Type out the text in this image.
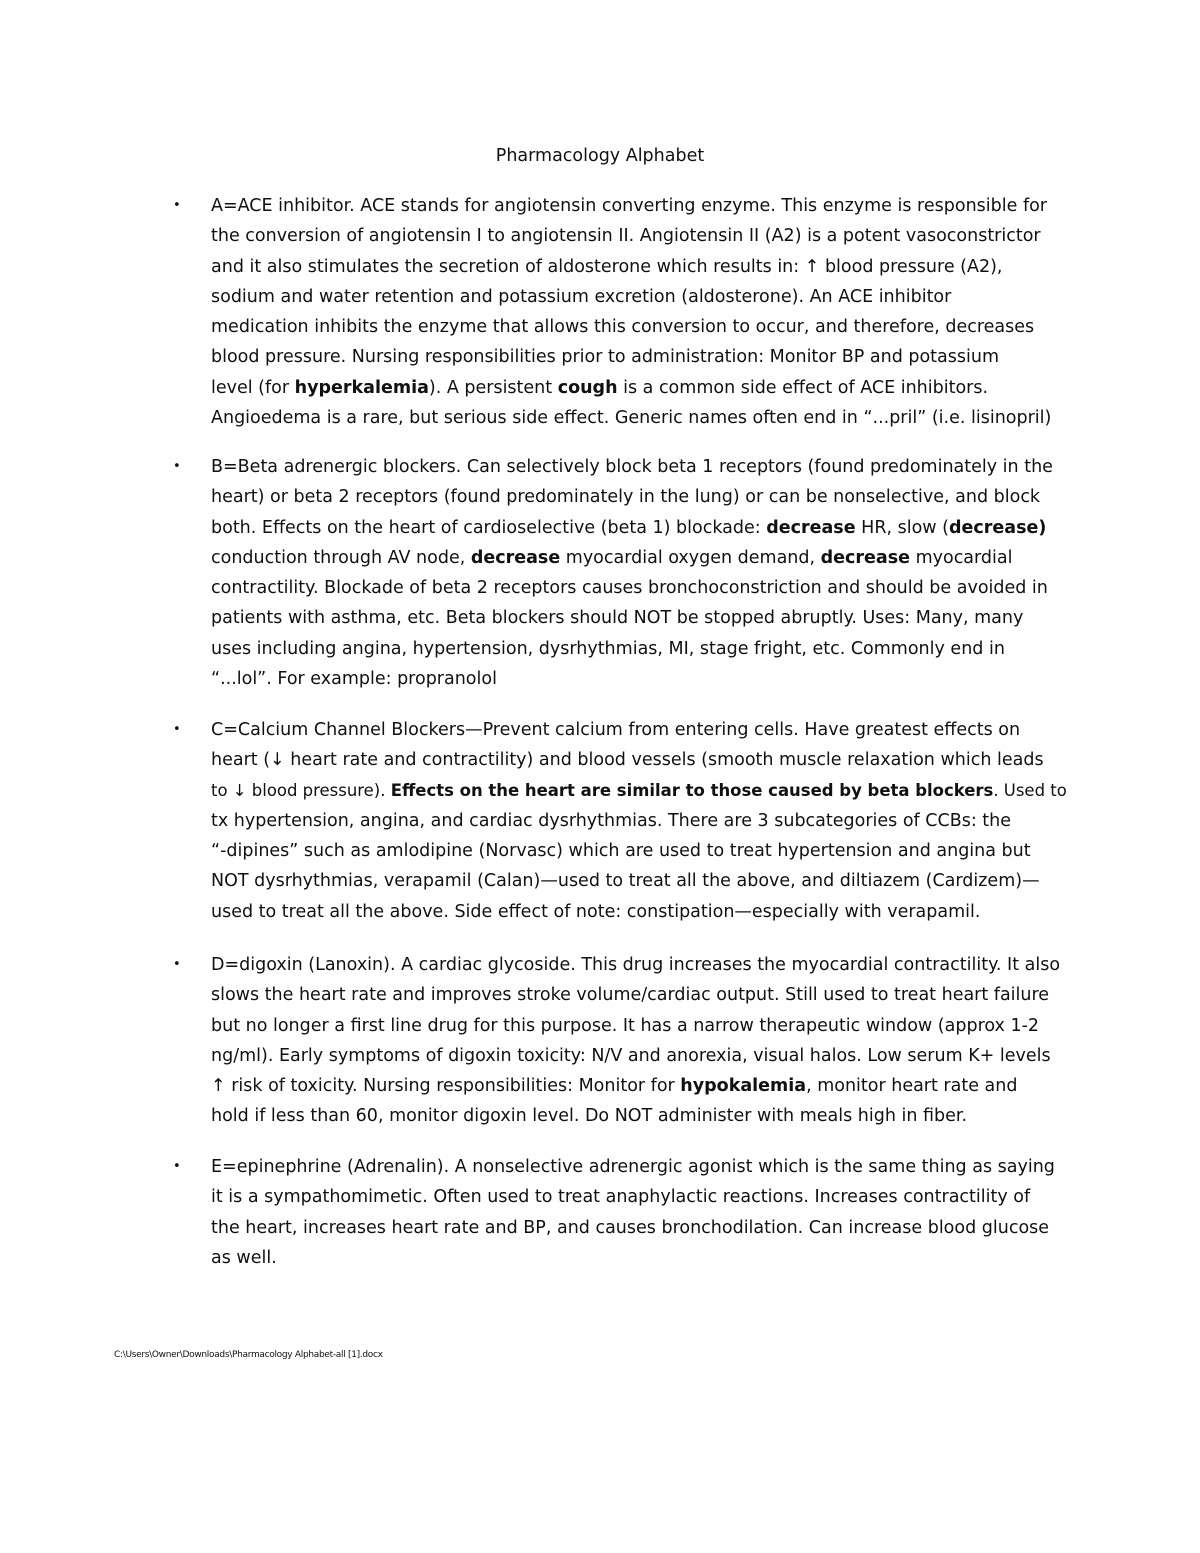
Pharmacology Alphabet
• A=ACE inhibitor. ACE stands for angiotensin converting enzyme. This enzyme is responsible for
the conversion of angiotensin I to angiotensin II. Angiotensin II (A2) is a potent vasoconstrictor
and it also stimulates the secretion of aldosterone which results in: ↑ blood pressure (A2),
sodium and water retention and potassium excretion (aldosterone). An ACE inhibitor
medication inhibits the enzyme that allows this conversion to occur, and therefore, decreases
blood pressure. Nursing responsibilities prior to administration: Monitor BP and potassium
level (for hyperkalemia). A persistent cough is a common side effect of ACE inhibitors.
Angioedema is a rare, but serious side effect. Generic names often end in “...pril” (i.e. lisinopril)
• B=Beta adrenergic blockers. Can selectively block beta 1 receptors (found predominately in the
heart) or beta 2 receptors (found predominately in the lung) or can be nonselective, and block
both. Effects on the heart of cardioselective (beta 1) blockade: decrease HR, slow (decrease)
conduction through AV node, decrease myocardial oxygen demand, decrease myocardial
contractility. Blockade of beta 2 receptors causes bronchoconstriction and should be avoided in
patients with asthma, etc. Beta blockers should NOT be stopped abruptly. Uses: Many, many
uses including angina, hypertension, dysrhythmias, MI, stage fright, etc. Commonly end in
“...lol”. For example: propranolol
• C=Calcium Channel Blockers—Prevent calcium from entering cells. Have greatest effects on
heart (↓ heart rate and contractility) and blood vessels (smooth muscle relaxation which leads
to ↓ blood pressure). Effects on the heart are similar to those caused by beta blockers. Used to
tx hypertension, angina, and cardiac dysrhythmias. There are 3 subcategories of CCBs: the
“-dipines” such as amlodipine (Norvasc) which are used to treat hypertension and angina but
NOT dysrhythmias, verapamil (Calan)—used to treat all the above, and diltiazem (Cardizem)—
used to treat all the above. Side effect of note: constipation—especially with verapamil.
• D=digoxin (Lanoxin). A cardiac glycoside. This drug increases the myocardial contractility. It also
slows the heart rate and improves stroke volume/cardiac output. Still used to treat heart failure
but no longer a first line drug for this purpose. It has a narrow therapeutic window (approx 1-2
ng/ml). Early symptoms of digoxin toxicity: N/V and anorexia, visual halos. Low serum K+ levels
↑ risk of toxicity. Nursing responsibilities: Monitor for hypokalemia, monitor heart rate and
hold if less than 60, monitor digoxin level. Do NOT administer with meals high in fiber.
• E=epinephrine (Adrenalin). A nonselective adrenergic agonist which is the same thing as saying
it is a sympathomimetic. Often used to treat anaphylactic reactions. Increases contractility of
the heart, increases heart rate and BP, and causes bronchodilation. Can increase blood glucose
as well.
C:\Users\Owner\Downloads\Pharmacology Alphabet-all [1].docx
